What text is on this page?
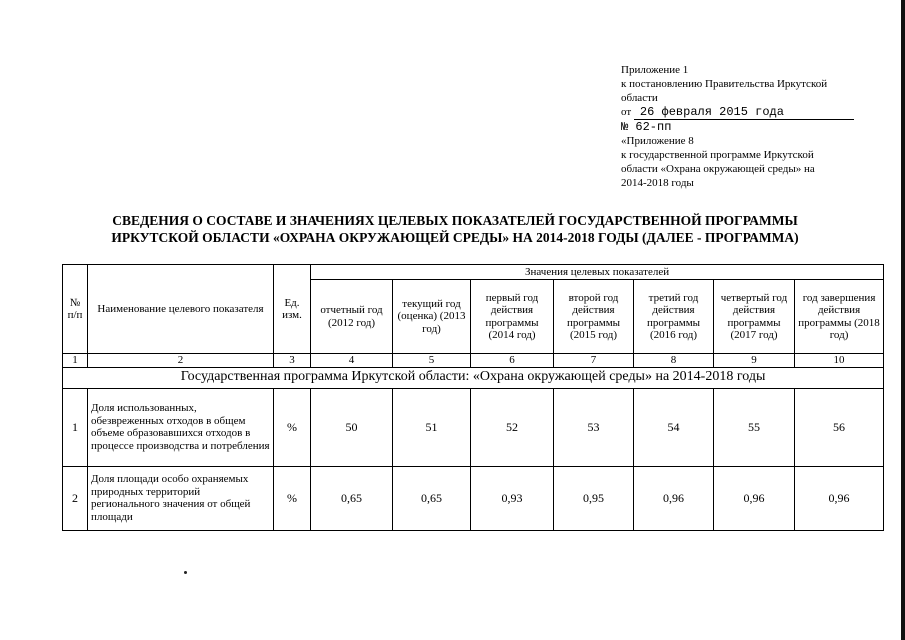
Приложение 1
к постановлению Правительства Иркутской
области
от 26 февраля 2015 года
№ 62-пп
«Приложение 8
к государственной программе Иркутской
области «Охрана окружающей среды» на
2014-2018 годы
СВЕДЕНИЯ О СОСТАВЕ И ЗНАЧЕНИЯХ ЦЕЛЕВЫХ ПОКАЗАТЕЛЕЙ ГОСУДАРСТВЕННОЙ ПРОГРАММЫ
ИРКУТСКОЙ ОБЛАСТИ «ОХРАНА ОКРУЖАЮЩЕЙ СРЕДЫ» НА 2014-2018 ГОДЫ (ДАЛЕЕ - ПРОГРАММА)
№ п/п	Наименование целевого показателя	Ед. изм.	Значения целевых показателей						
			отчетный год (2012 год)	текущий год (оценка) (2013 год)	первый год действия программы (2014 год)	второй год действия программы (2015 год)	третий год действия программы (2016 год)	четвертый год действия программы (2017 год)	год завершения действия программы (2018 год)
1	2	3	4	5	6	7	8	9	10
Государственная программа Иркутской области: «Охрана окружающей среды» на 2014-2018 годы									
1	Доля использованных, обезвреженных отходов в общем объеме образовавшихся отходов в процессе производства и потребления	%	50	51	52	53	54	55	56
2	Доля площади особо охраняемых природных территорий регионального значения от общей площади	%	0,65	0,65	0,93	0,95	0,96	0,96	0,96
